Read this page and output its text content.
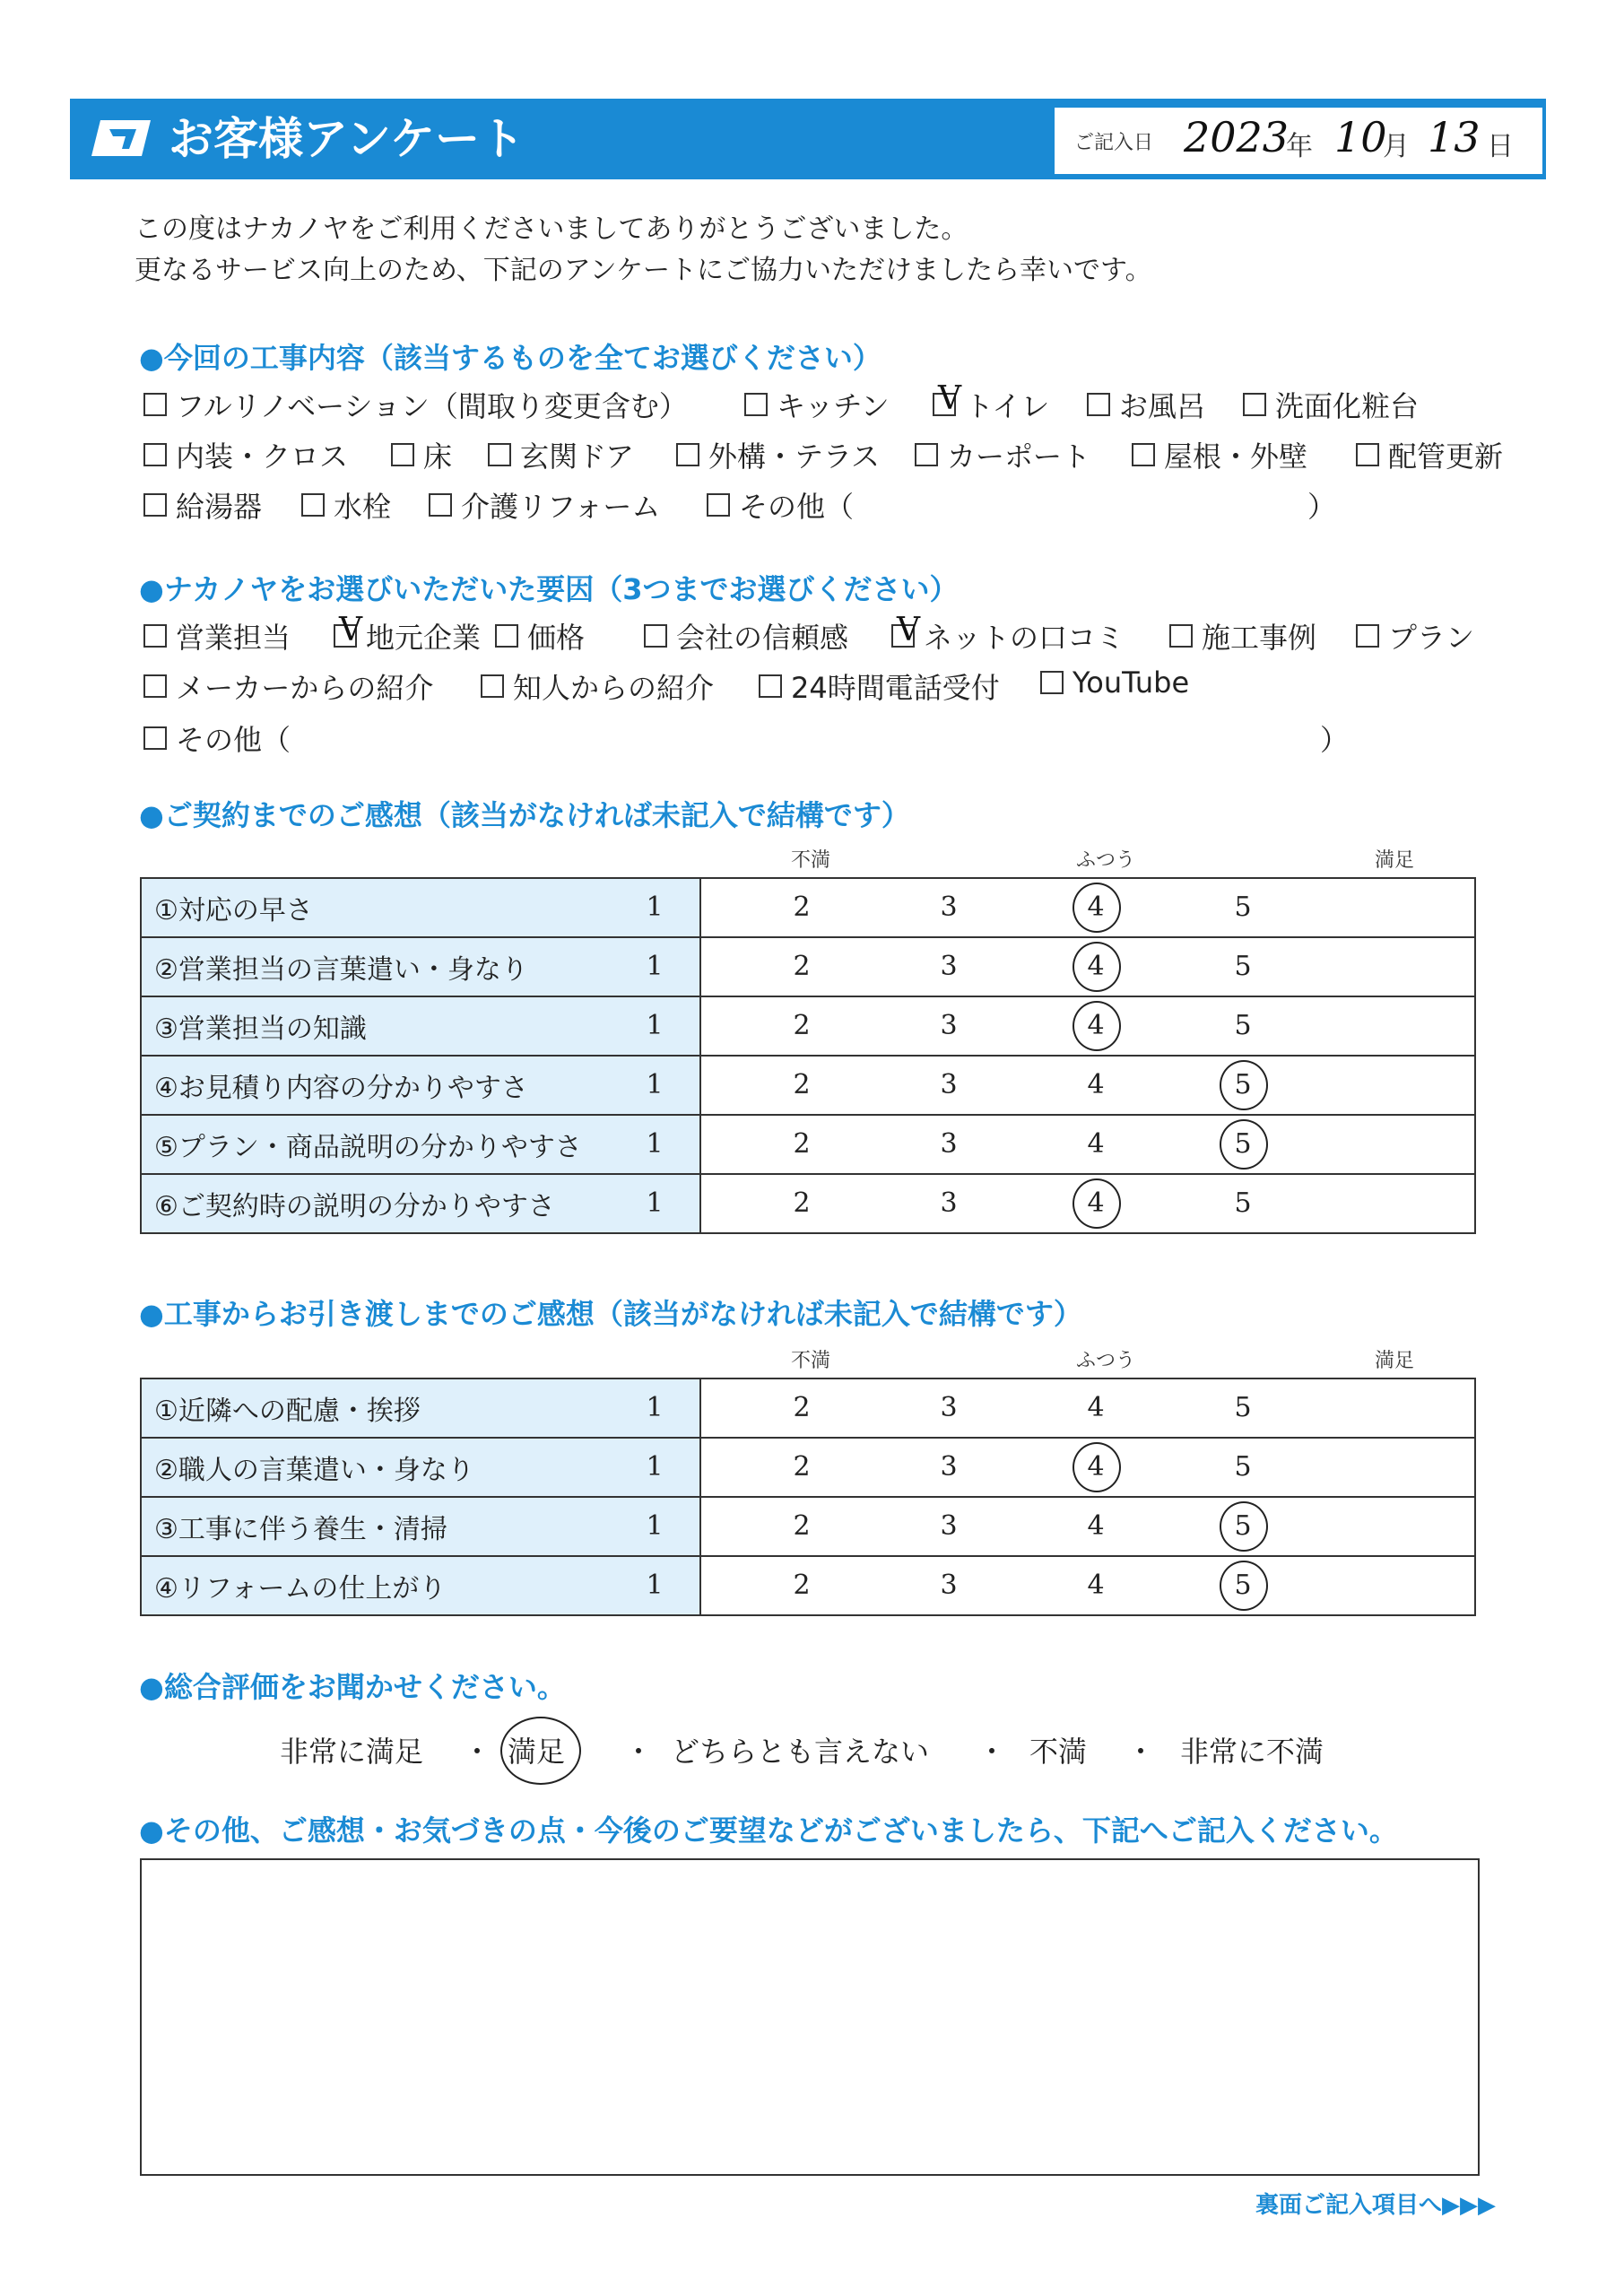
お客様アンケート	ご記入日 2023
年 10
月 13 日
この度はナカノヤをご利用くださいましてありがとうございました。
更なるサービス向上のため、下記のアンケートにご協力いただけましたら幸いです。
●今回の工事内容（該当するものを全てお選びください）
フルリノベーション（間取り変更含む）	キッチン V	トイレ お風呂 洗面化粧台
内装・クロス	床 玄関ドア	外構・テラス カーポート	屋根・外壁	配管更新
給湯器 水栓 介護リフォーム	その他（	）
●ナカノヤをお選びいただいた要因（3つまでお選びください）
営業担当 V	地元企業 価格	会社の信頼感 V	ネットの口コミ	施工事例 プラン
メーカーからの紹介	知人からの紹介	24時間電話受付	YouTube
その他（	）
●ご契約までのご感想（該当がなければ未記入で結構です）
不満	ふつう	満足
①対応の早さ	1 2 3 4 5

②営業担当の言葉遣い・身なり	1 2 3 4 5

③営業担当の知識	1 2 3 4 5

④お見積り内容の分かりやすさ	1 2 3 4 5

⑤プラン・商品説明の分かりやすさ	1 2 3 4 5

⑥ご契約時の説明の分かりやすさ	1 2 3 4 5
●工事からお引き渡しまでのご感想（該当がなければ未記入で結構です）
不満	ふつう	満足
①近隣への配慮・挨拶	1 2 3 4 5

②職人の言葉遣い・身なり	1 2 3 4 5

③工事に伴う養生・清掃	1 2 3 4 5

④リフォームの仕上がり	1 2 3 4 5
●総合評価をお聞かせください。
非常に満足 ・ 満足 ・ どちらとも言えない ・ 不満 ・ 非常に不満
●その他、ご感想・お気づきの点・今後のご要望などがございましたら、下記へご記入ください。
裏面ご記入項目へ▶▶▶
